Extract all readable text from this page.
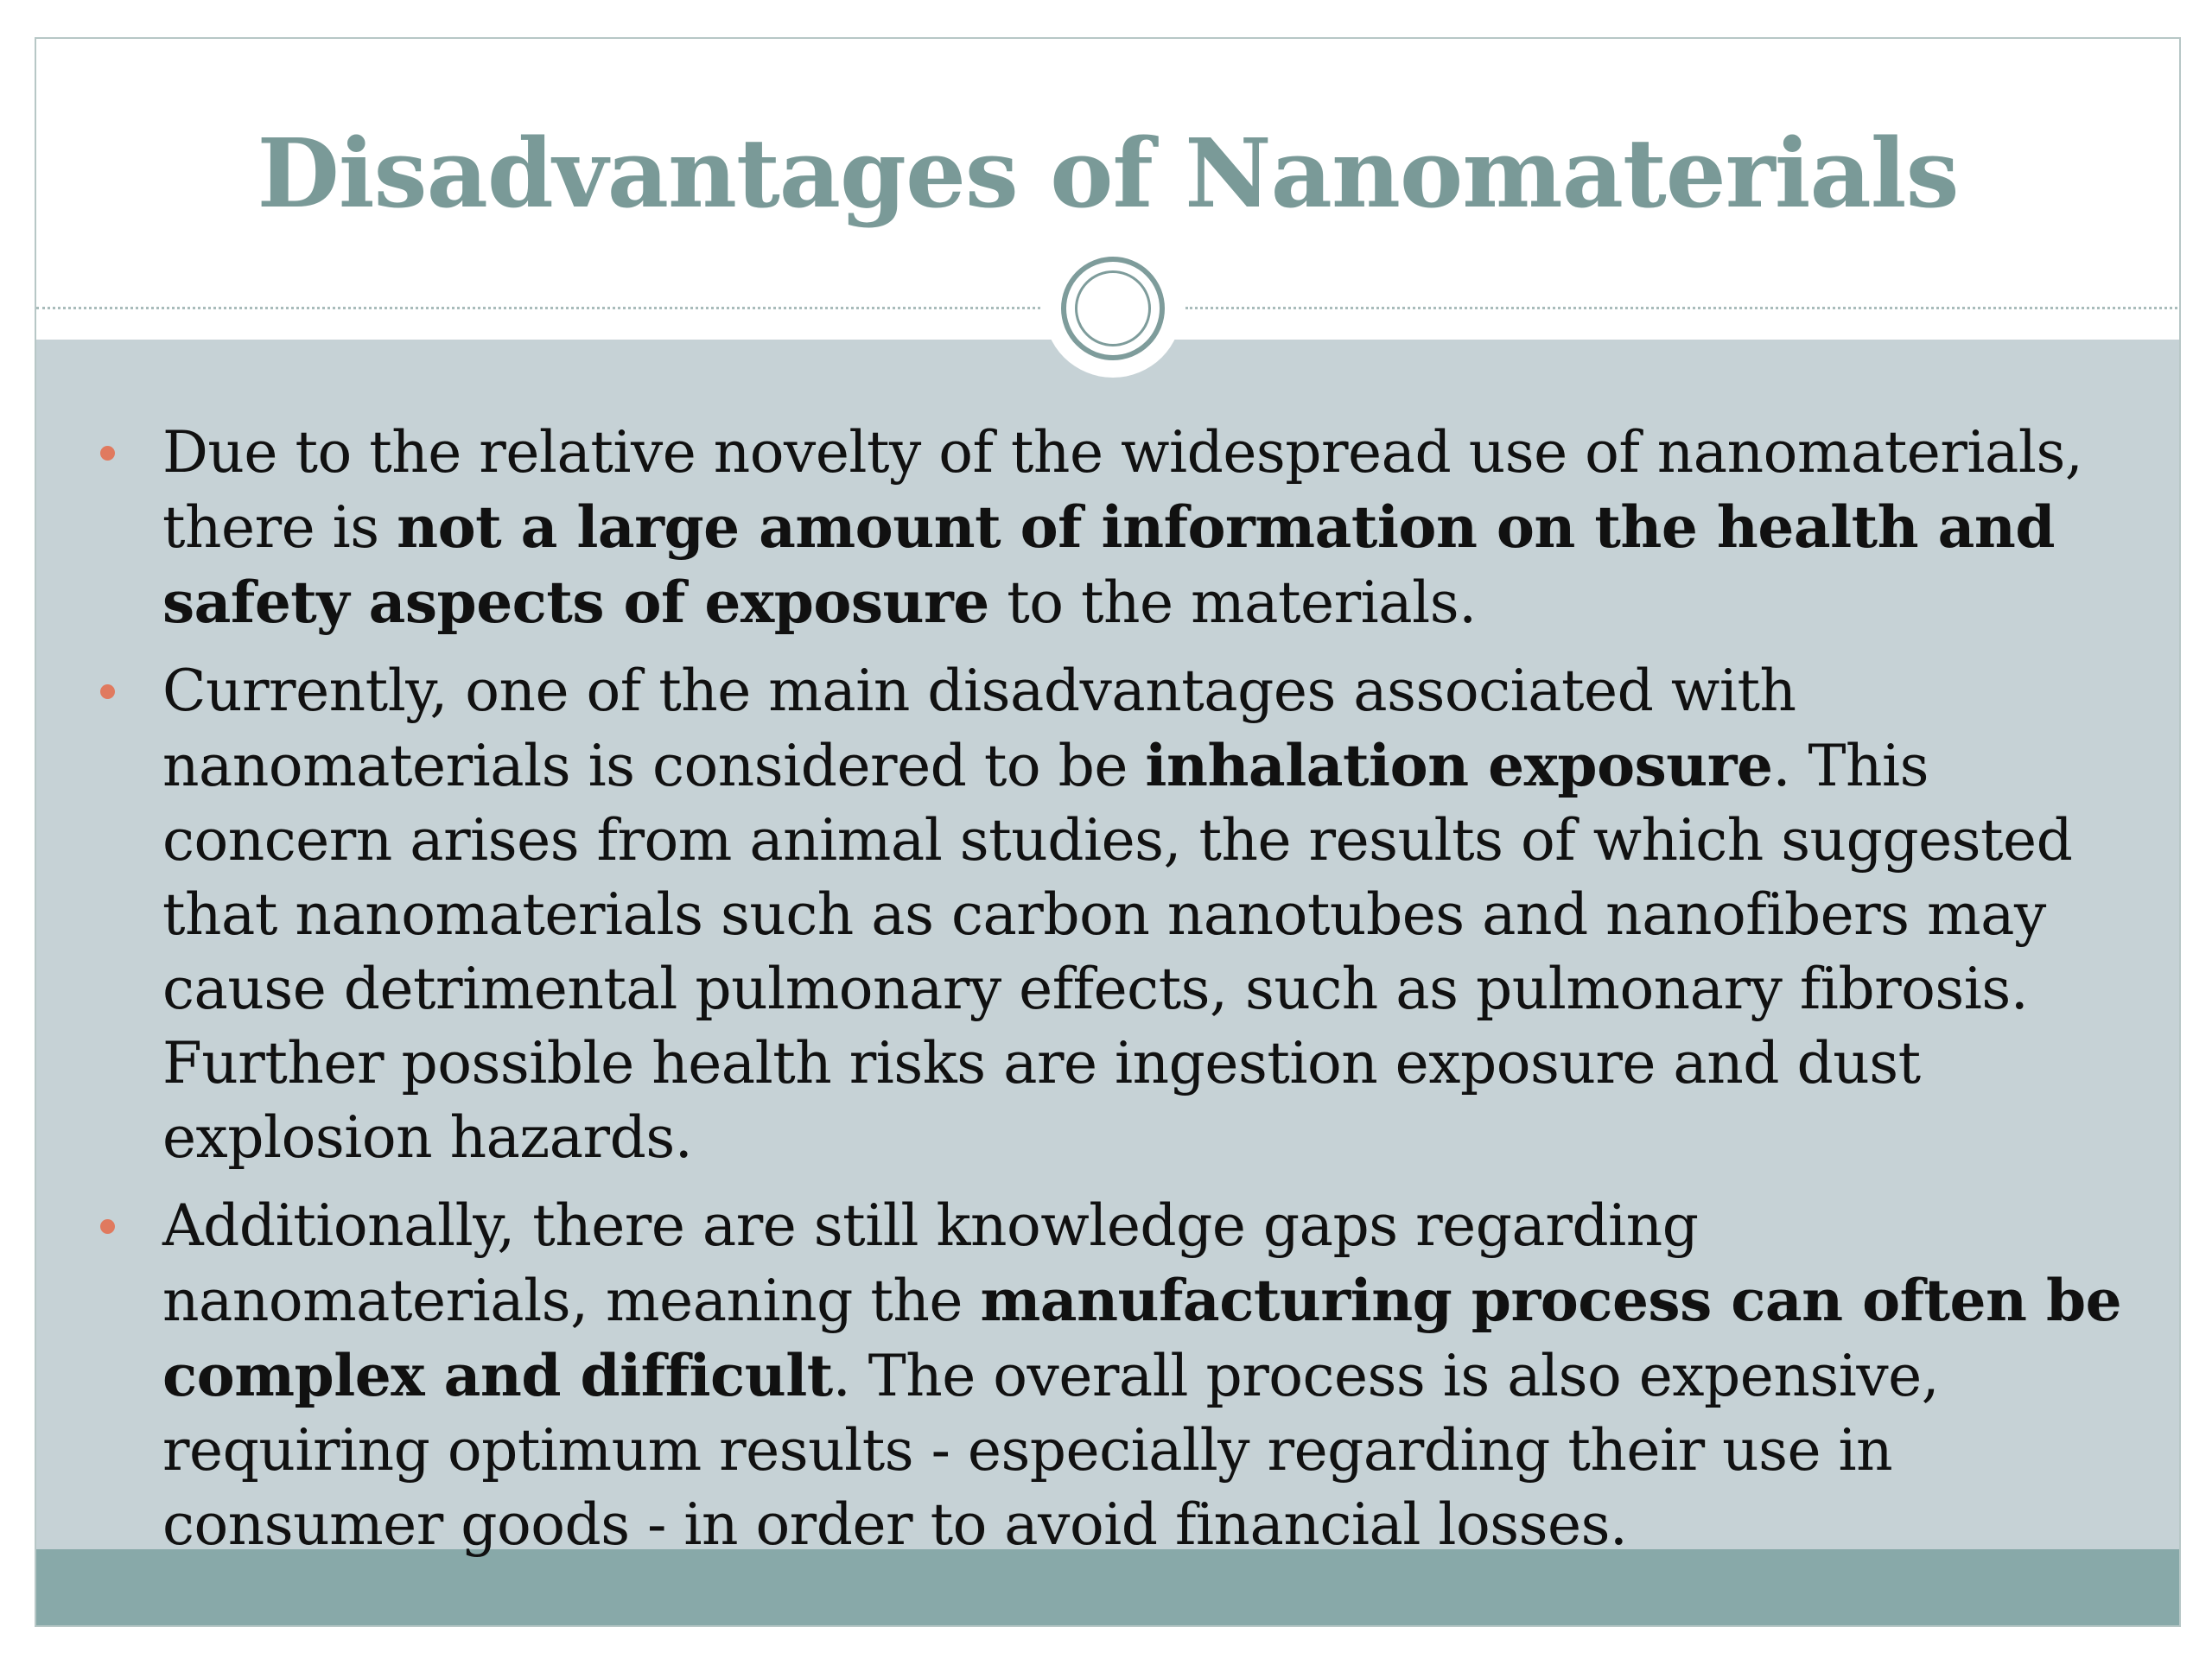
Disadvantages of Nanomaterials
Due to the relative novelty of the widespread use of nanomaterials, there is not a large amount of information on the health and safety aspects of exposure to the materials.
Currently, one of the main disadvantages associated with nanomaterials is considered to be inhalation exposure. This concern arises from animal studies, the results of which suggested that nanomaterials such as carbon nanotubes and nanofibers may cause detrimental pulmonary effects, such as pulmonary fibrosis. Further possible health risks are ingestion exposure and dust explosion hazards.
Additionally, there are still knowledge gaps regarding nanomaterials, meaning the manufacturing process can often be complex and difficult. The overall process is also expensive, requiring optimum results - especially regarding their use in consumer goods - in order to avoid financial losses.
